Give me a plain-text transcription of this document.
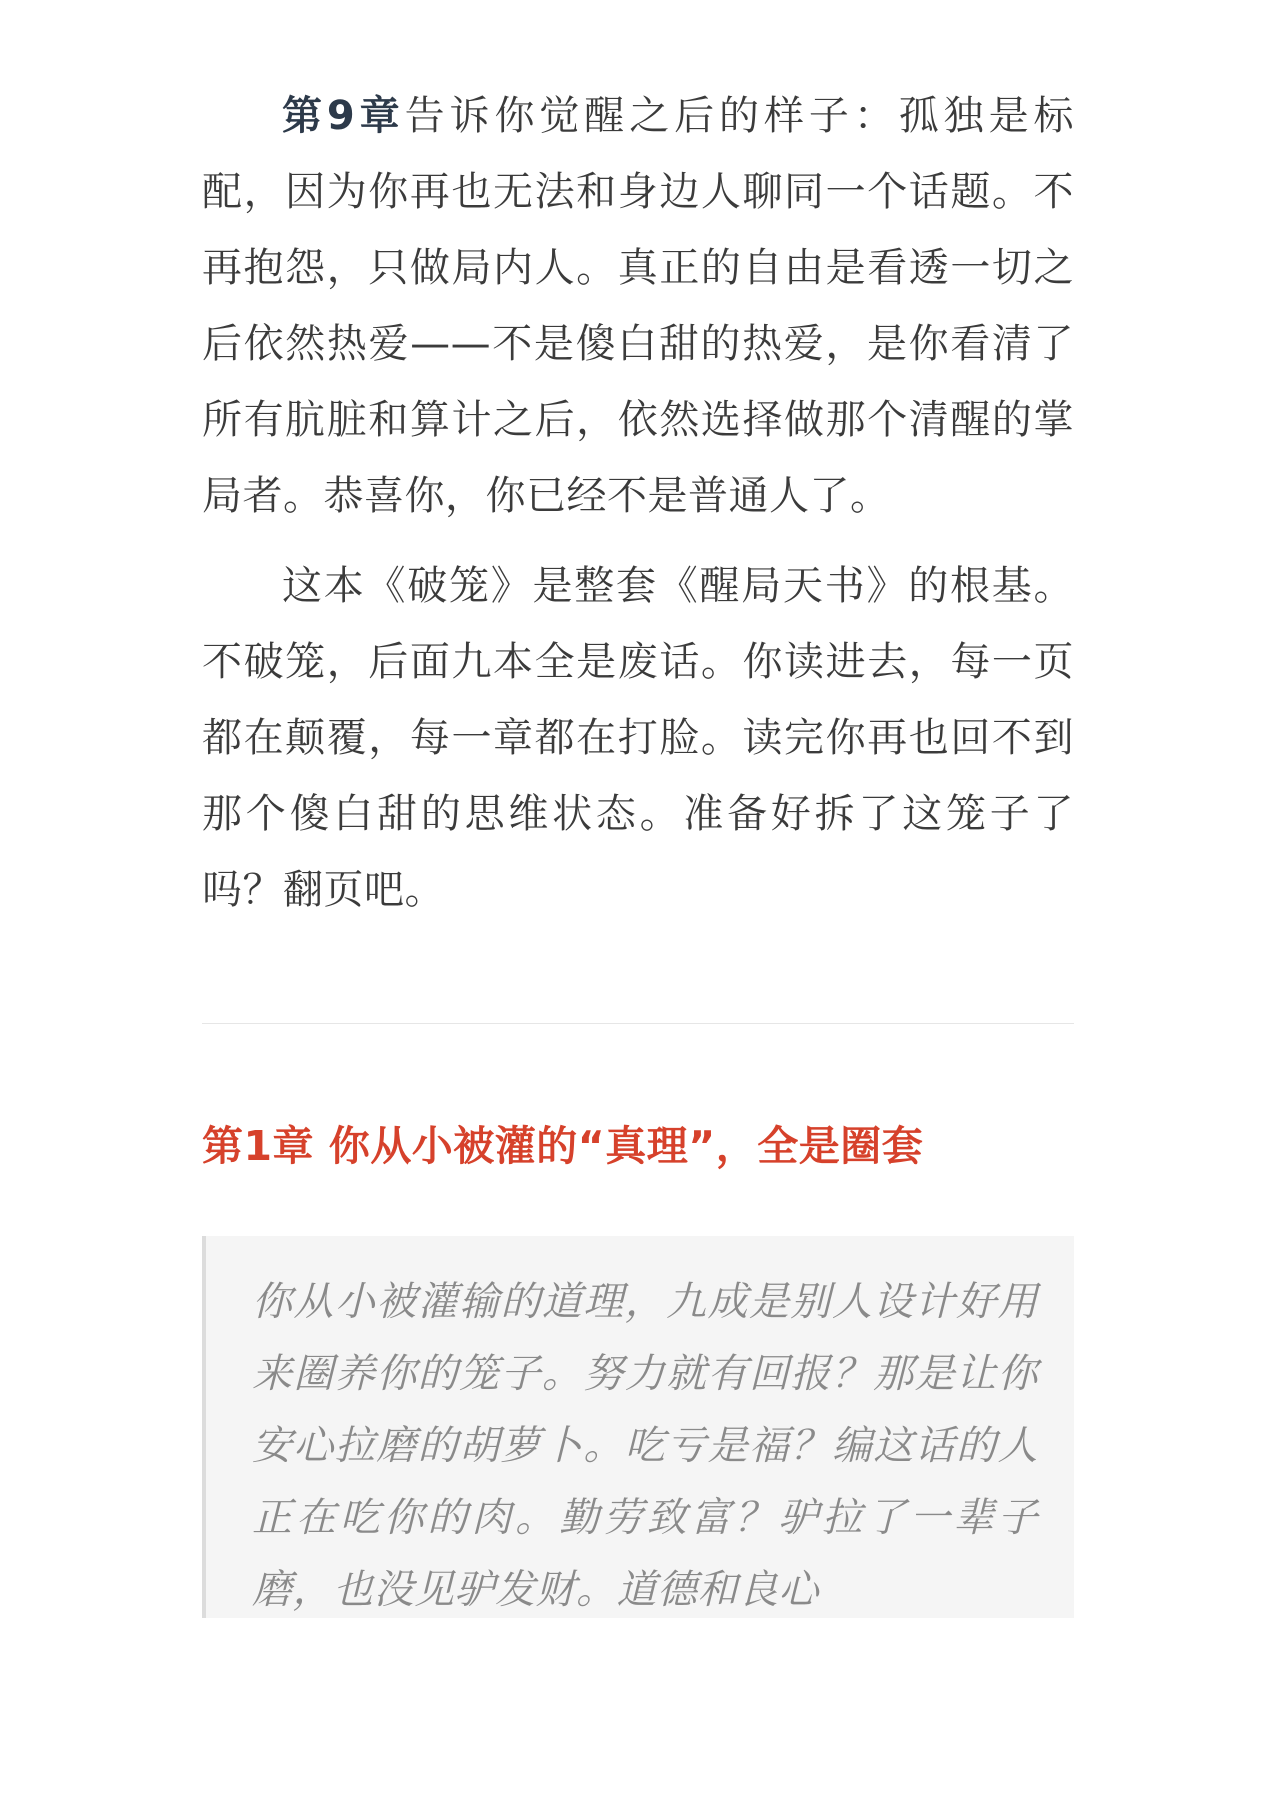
第9章告诉你觉醒之后的样子：孤独是标配，因为你再也无法和身边人聊同一个话题。不再抱怨，只做局内人。真正的自由是看透一切之后依然热爱——不是傻白甜的热爱，是你看清了所有肮脏和算计之后，依然选择做那个清醒的掌局者。恭喜你，你已经不是普通人了。

这本《破笼》是整套《醒局天书》的根基。不破笼，后面九本全是废话。你读进去，每一页都在颠覆，每一章都在打脸。读完你再也回不到那个傻白甜的思维状态。准备好拆了这笼子了吗？翻页吧。

第1章 你从小被灌的“真理”，全是圈套

你从小被灌输的道理，九成是别人设计好用来圈养你的笼子。努力就有回报？那是让你安心拉磨的胡萝卜。吃亏是福？编这话的人正在吃你的肉。勤劳致富？驴拉了一辈子磨，也没见驴发财。道德和良心
